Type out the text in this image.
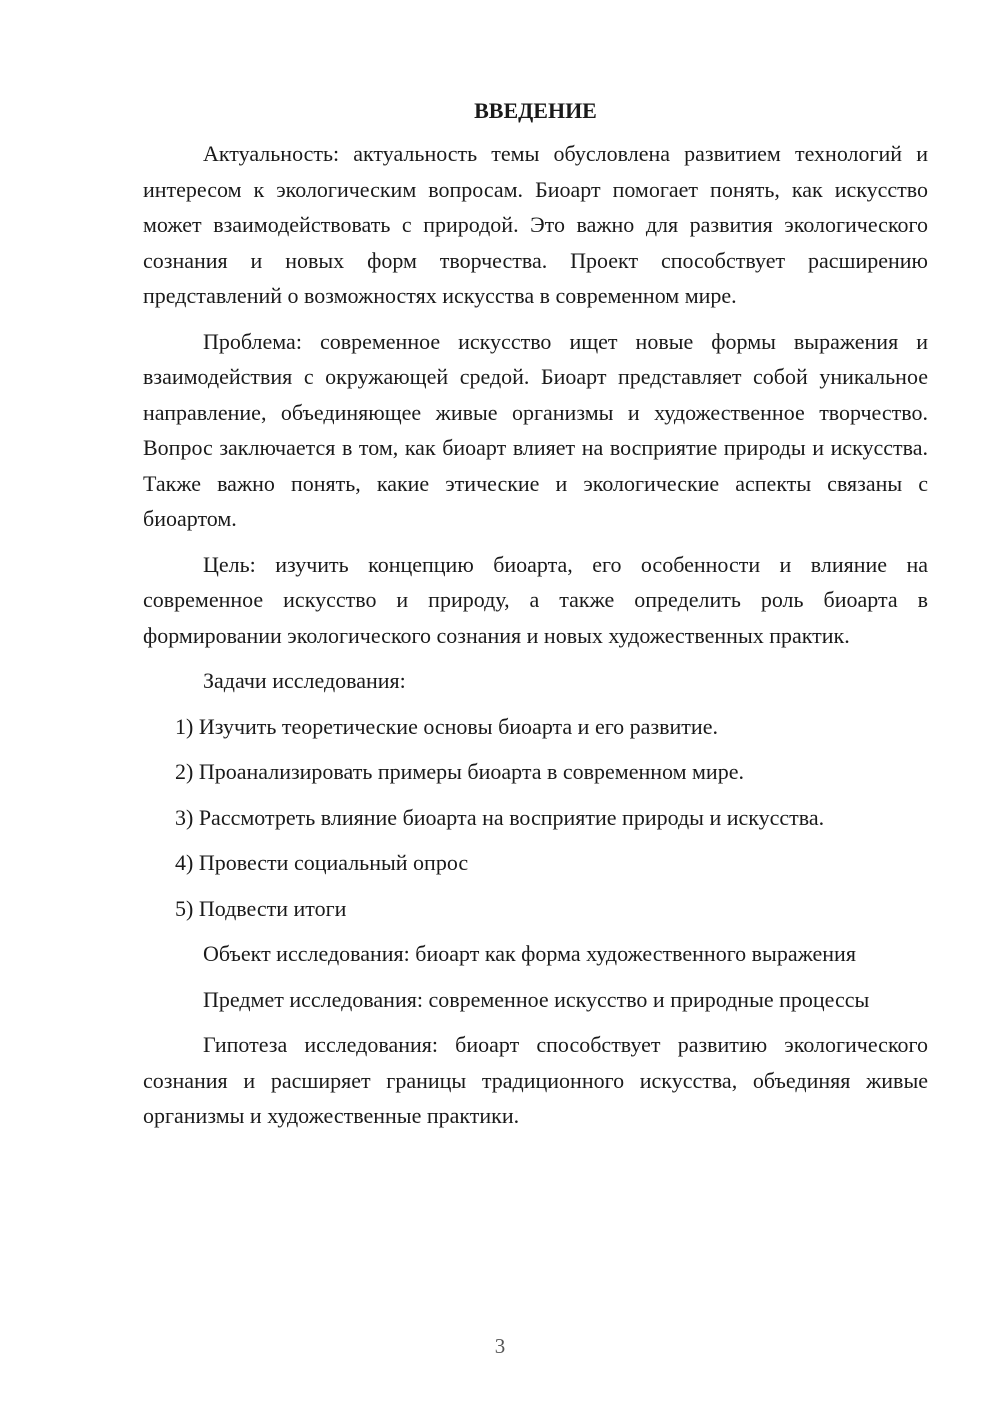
ВВЕДЕНИЕ

Актуальность: актуальность темы обусловлена развитием технологий и интересом к экологическим вопросам. Биоарт помогает понять, как искусство может взаимодействовать с природой. Это важно для развития экологического сознания и новых форм творчества. Проект способствует расширению представлений о возможностях искусства в современном мире.

Проблема: современное искусство ищет новые формы выражения и взаимодействия с окружающей средой. Биоарт представляет собой уникальное направление, объединяющее живые организмы и художественное творчество. Вопрос заключается в том, как биоарт влияет на восприятие природы и искусства. Также важно понять, какие этические и экологические аспекты связаны с биоартом.

Цель: изучить концепцию биоарта, его особенности и влияние на современное искусство и природу, а также определить роль биоарта в формировании экологического сознания и новых художественных практик.

Задачи исследования:

1) Изучить теоретические основы биоарта и его развитие.

2) Проанализировать примеры биоарта в современном мире.

3) Рассмотреть влияние биоарта на восприятие природы и искусства.

4) Провести социальный опрос

5) Подвести итоги

Объект исследования: биоарт как форма художественного выражения

Предмет исследования: современное искусство и природные процессы

Гипотеза исследования: биоарт способствует развитию экологического сознания и расширяет границы традиционного искусства, объединяя живые организмы и художественные практики.

3
